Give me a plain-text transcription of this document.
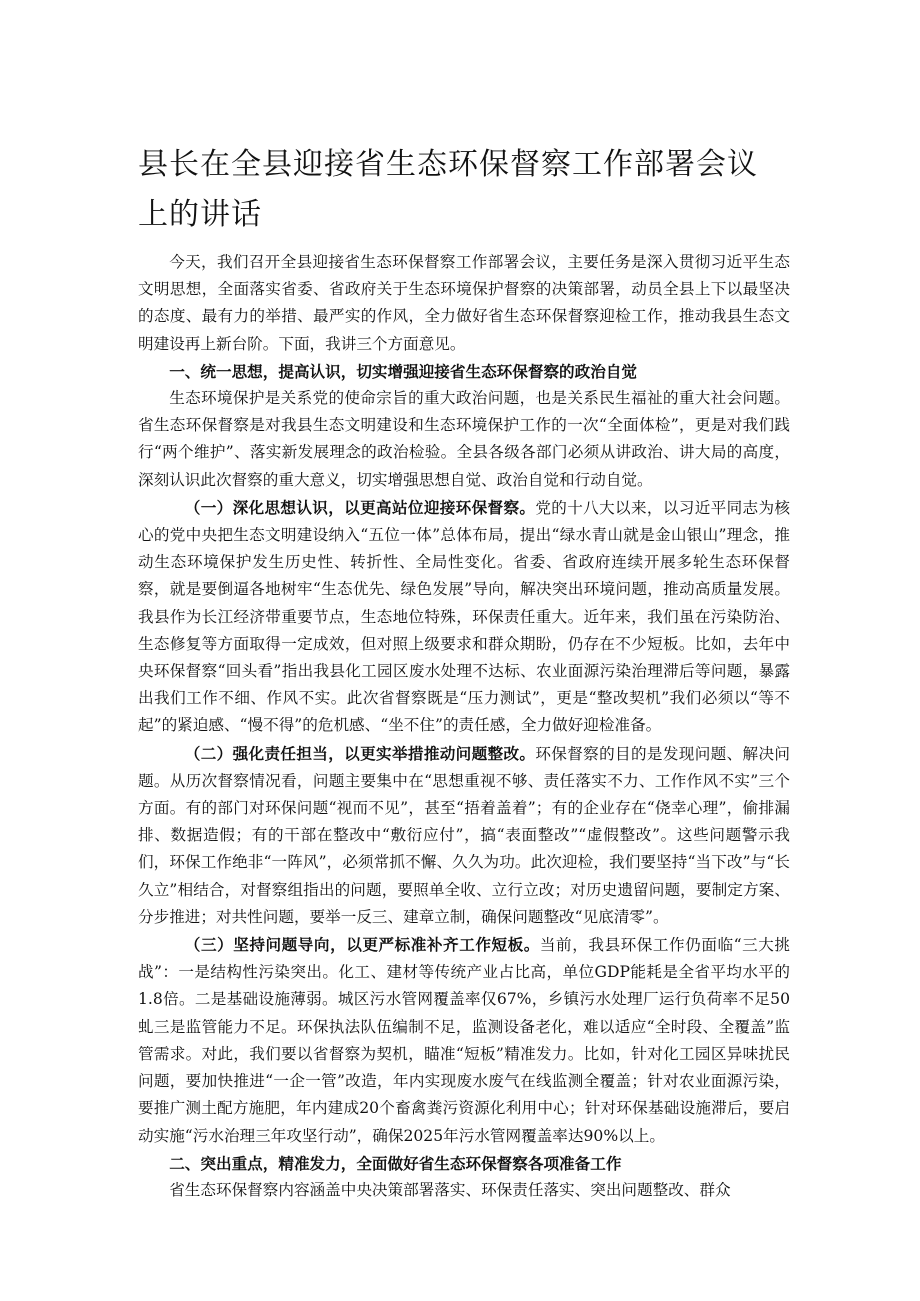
县长在全县迎接省生态环保督察工作部署会议上的讲话

今天，我们召开全县迎接省生态环保督察工作部署会议，主要任务是深入贯彻习近平生态文明思想，全面落实省委、省政府关于生态环境保护督察的决策部署，动员全县上下以最坚决的态度、最有力的举措、最严实的作风，全力做好省生态环保督察迎检工作，推动我县生态文明建设再上新台阶。下面，我讲三个方面意见。

一、统一思想，提高认识，切实增强迎接省生态环保督察的政治自觉

生态环境保护是关系党的使命宗旨的重大政治问题，也是关系民生福祉的重大社会问题。省生态环保督察是对我县生态文明建设和生态环境保护工作的一次“全面体检”，更是对我们践行“两个维护”、落实新发展理念的政治检验。全县各级各部门必须从讲政治、讲大局的高度，深刻认识此次督察的重大意义，切实增强思想自觉、政治自觉和行动自觉。

（一）深化思想认识，以更高站位迎接环保督察。党的十八大以来，以习近平同志为核心的党中央把生态文明建设纳入“五位一体”总体布局，提出“绿水青山就是金山银山”理念，推动生态环境保护发生历史性、转折性、全局性变化。省委、省政府连续开展多轮生态环保督察，就是要倒逼各地树牢“生态优先、绿色发展”导向，解决突出环境问题，推动高质量发展。我县作为长江经济带重要节点，生态地位特殊，环保责任重大。近年来，我们虽在污染防治、生态修复等方面取得一定成效，但对照上级要求和群众期盼，仍存在不少短板。比如，去年中央环保督察“回头看”指出我县化工园区废水处理不达标、农业面源污染治理滞后等问题，暴露出我们工作不细、作风不实。此次省督察既是“压力测试”，更是“整改契机”我们必须以“等不起”的紧迫感、“慢不得”的危机感、“坐不住”的责任感，全力做好迎检准备。

（二）强化责任担当，以更实举措推动问题整改。环保督察的目的是发现问题、解决问题。从历次督察情况看，问题主要集中在“思想重视不够、责任落实不力、工作作风不实”三个方面。有的部门对环保问题“视而不见”，甚至“捂着盖着”；有的企业存在“侥幸心理”，偷排漏排、数据造假；有的干部在整改中“敷衍应付”，搞“表面整改”“虚假整改”。这些问题警示我们，环保工作绝非“一阵风”，必须常抓不懈、久久为功。此次迎检，我们要坚持“当下改”与“长久立”相结合，对督察组指出的问题，要照单全收、立行立改；对历史遗留问题，要制定方案、分步推进；对共性问题，要举一反三、建章立制，确保问题整改“见底清零”。

（三）坚持问题导向，以更严标准补齐工作短板。当前，我县环保工作仍面临“三大挑战”：一是结构性污染突出。化工、建材等传统产业占比高，单位GDP能耗是全省平均水平的1.8倍。二是基础设施薄弱。城区污水管网覆盖率仅67%，乡镇污水处理厂运行负荷率不足50虬三是监管能力不足。环保执法队伍编制不足，监测设备老化，难以适应“全时段、全覆盖”监管需求。对此，我们要以省督察为契机，瞄准“短板”精准发力。比如，针对化工园区异味扰民问题，要加快推进“一企一管”改造，年内实现废水废气在线监测全覆盖；针对农业面源污染，要推广测土配方施肥，年内建成20个畜禽粪污资源化利用中心；针对环保基础设施滞后，要启动实施“污水治理三年攻坚行动”，确保2025年污水管网覆盖率达90%以上。

二、突出重点，精准发力，全面做好省生态环保督察各项准备工作

省生态环保督察内容涵盖中央决策部署落实、环保责任落实、突出问题整改、群众
